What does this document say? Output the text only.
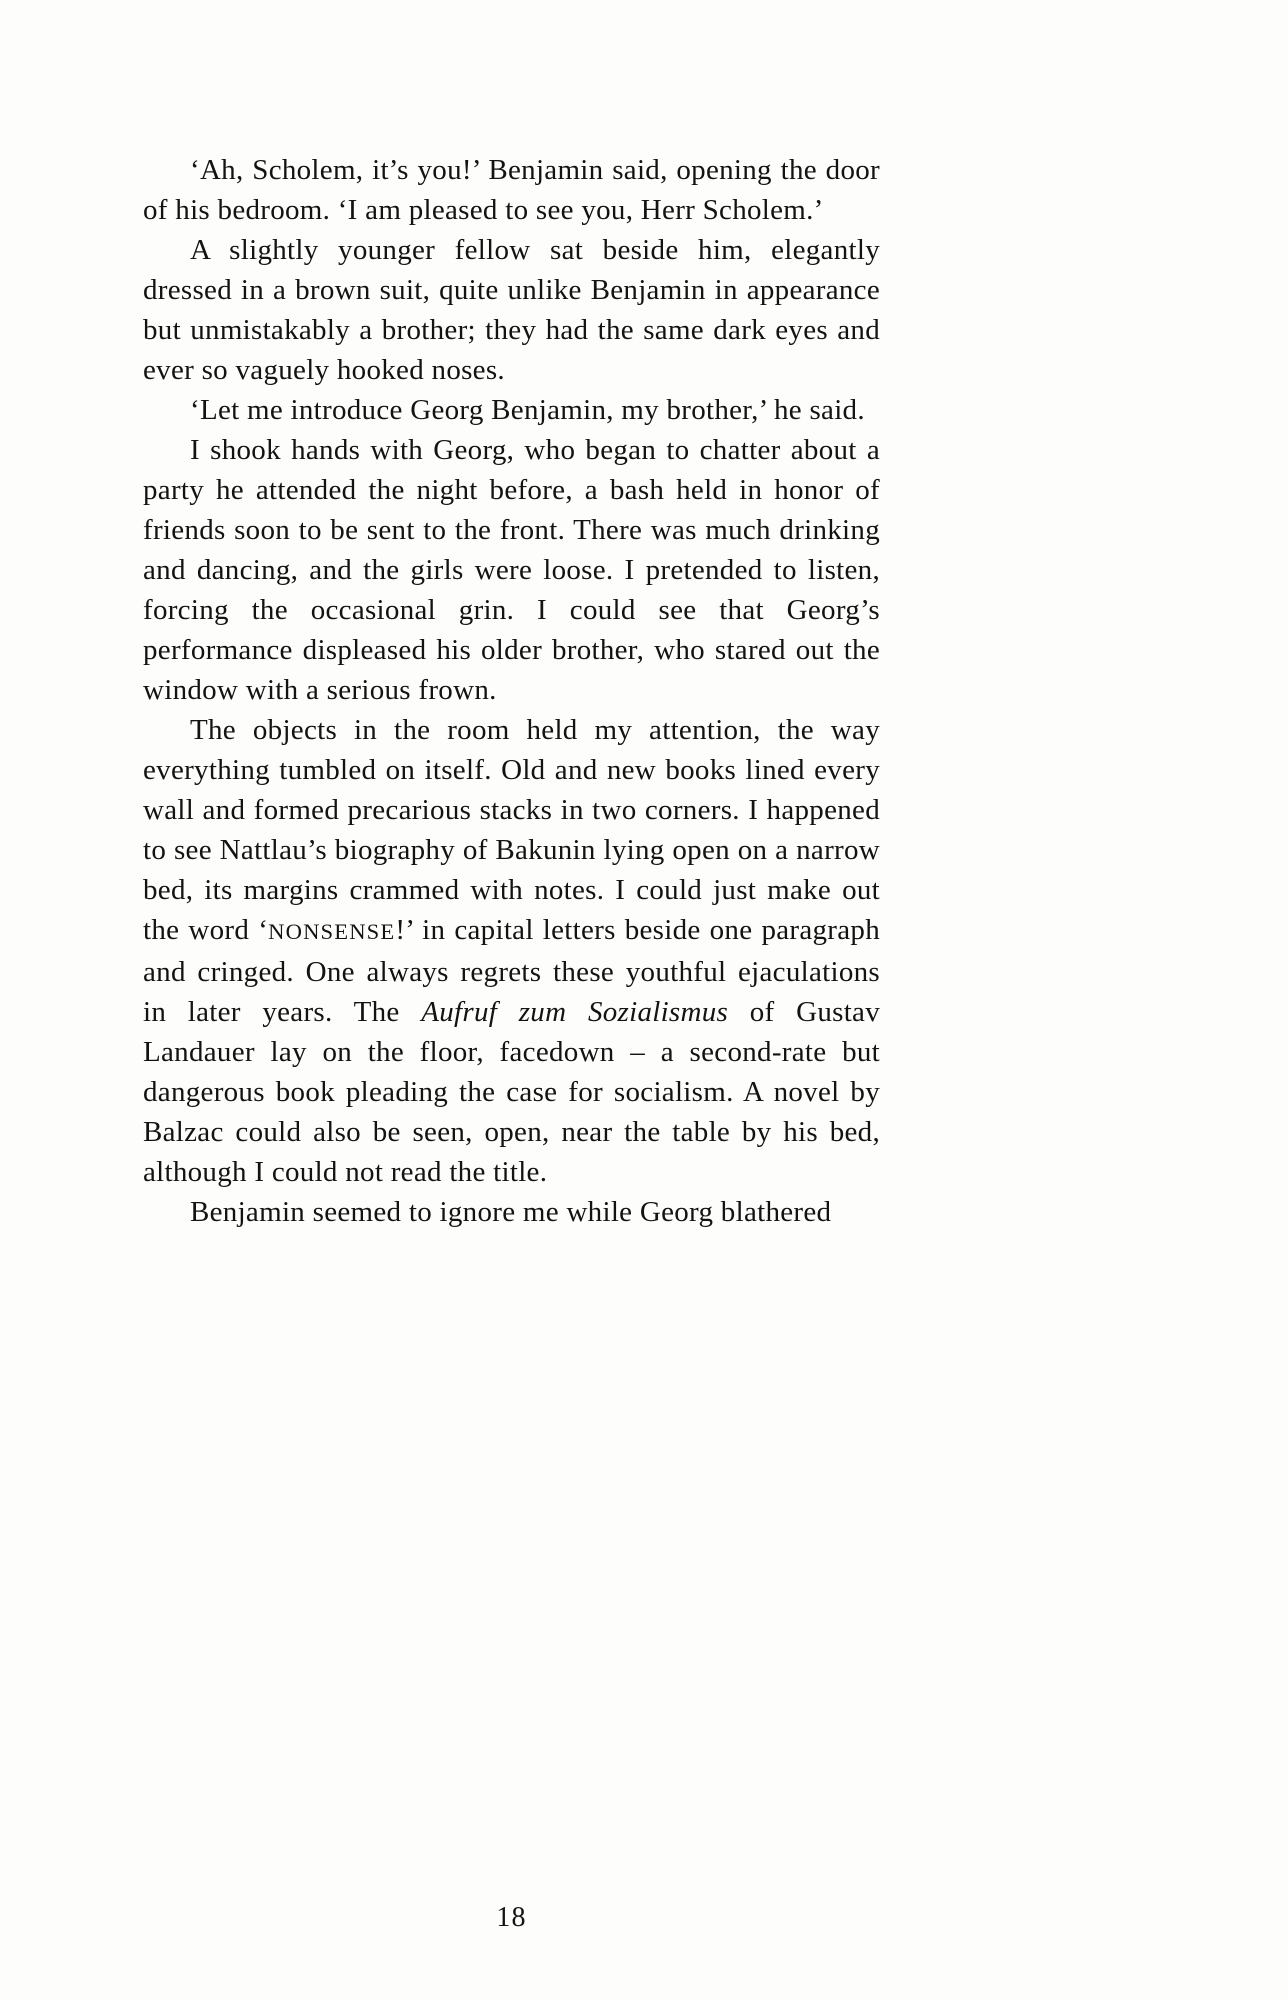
‘Ah, Scholem, it’s you!’ Benjamin said, opening the door of his bedroom. ‘I am pleased to see you, Herr Scholem.’

A slightly younger fellow sat beside him, elegantly dressed in a brown suit, quite unlike Benjamin in appearance but unmistakably a brother; they had the same dark eyes and ever so vaguely hooked noses.

‘Let me introduce Georg Benjamin, my brother,’ he said.

I shook hands with Georg, who began to chatter about a party he attended the night before, a bash held in honor of friends soon to be sent to the front. There was much drinking and dancing, and the girls were loose. I pretended to listen, forcing the occasional grin. I could see that Georg’s performance displeased his older brother, who stared out the window with a serious frown.

The objects in the room held my attention, the way everything tumbled on itself. Old and new books lined every wall and formed precarious stacks in two corners. I happened to see Nattlau’s biography of Bakunin lying open on a narrow bed, its margins crammed with notes. I could just make out the word ‘NONSENSE!’ in capital letters beside one paragraph and cringed. One always regrets these youthful ejaculations in later years. The Aufruf zum Sozialismus of Gustav Landauer lay on the floor, facedown – a second-rate but dangerous book pleading the case for socialism. A novel by Balzac could also be seen, open, near the table by his bed, although I could not read the title.

Benjamin seemed to ignore me while Georg blathered

18
